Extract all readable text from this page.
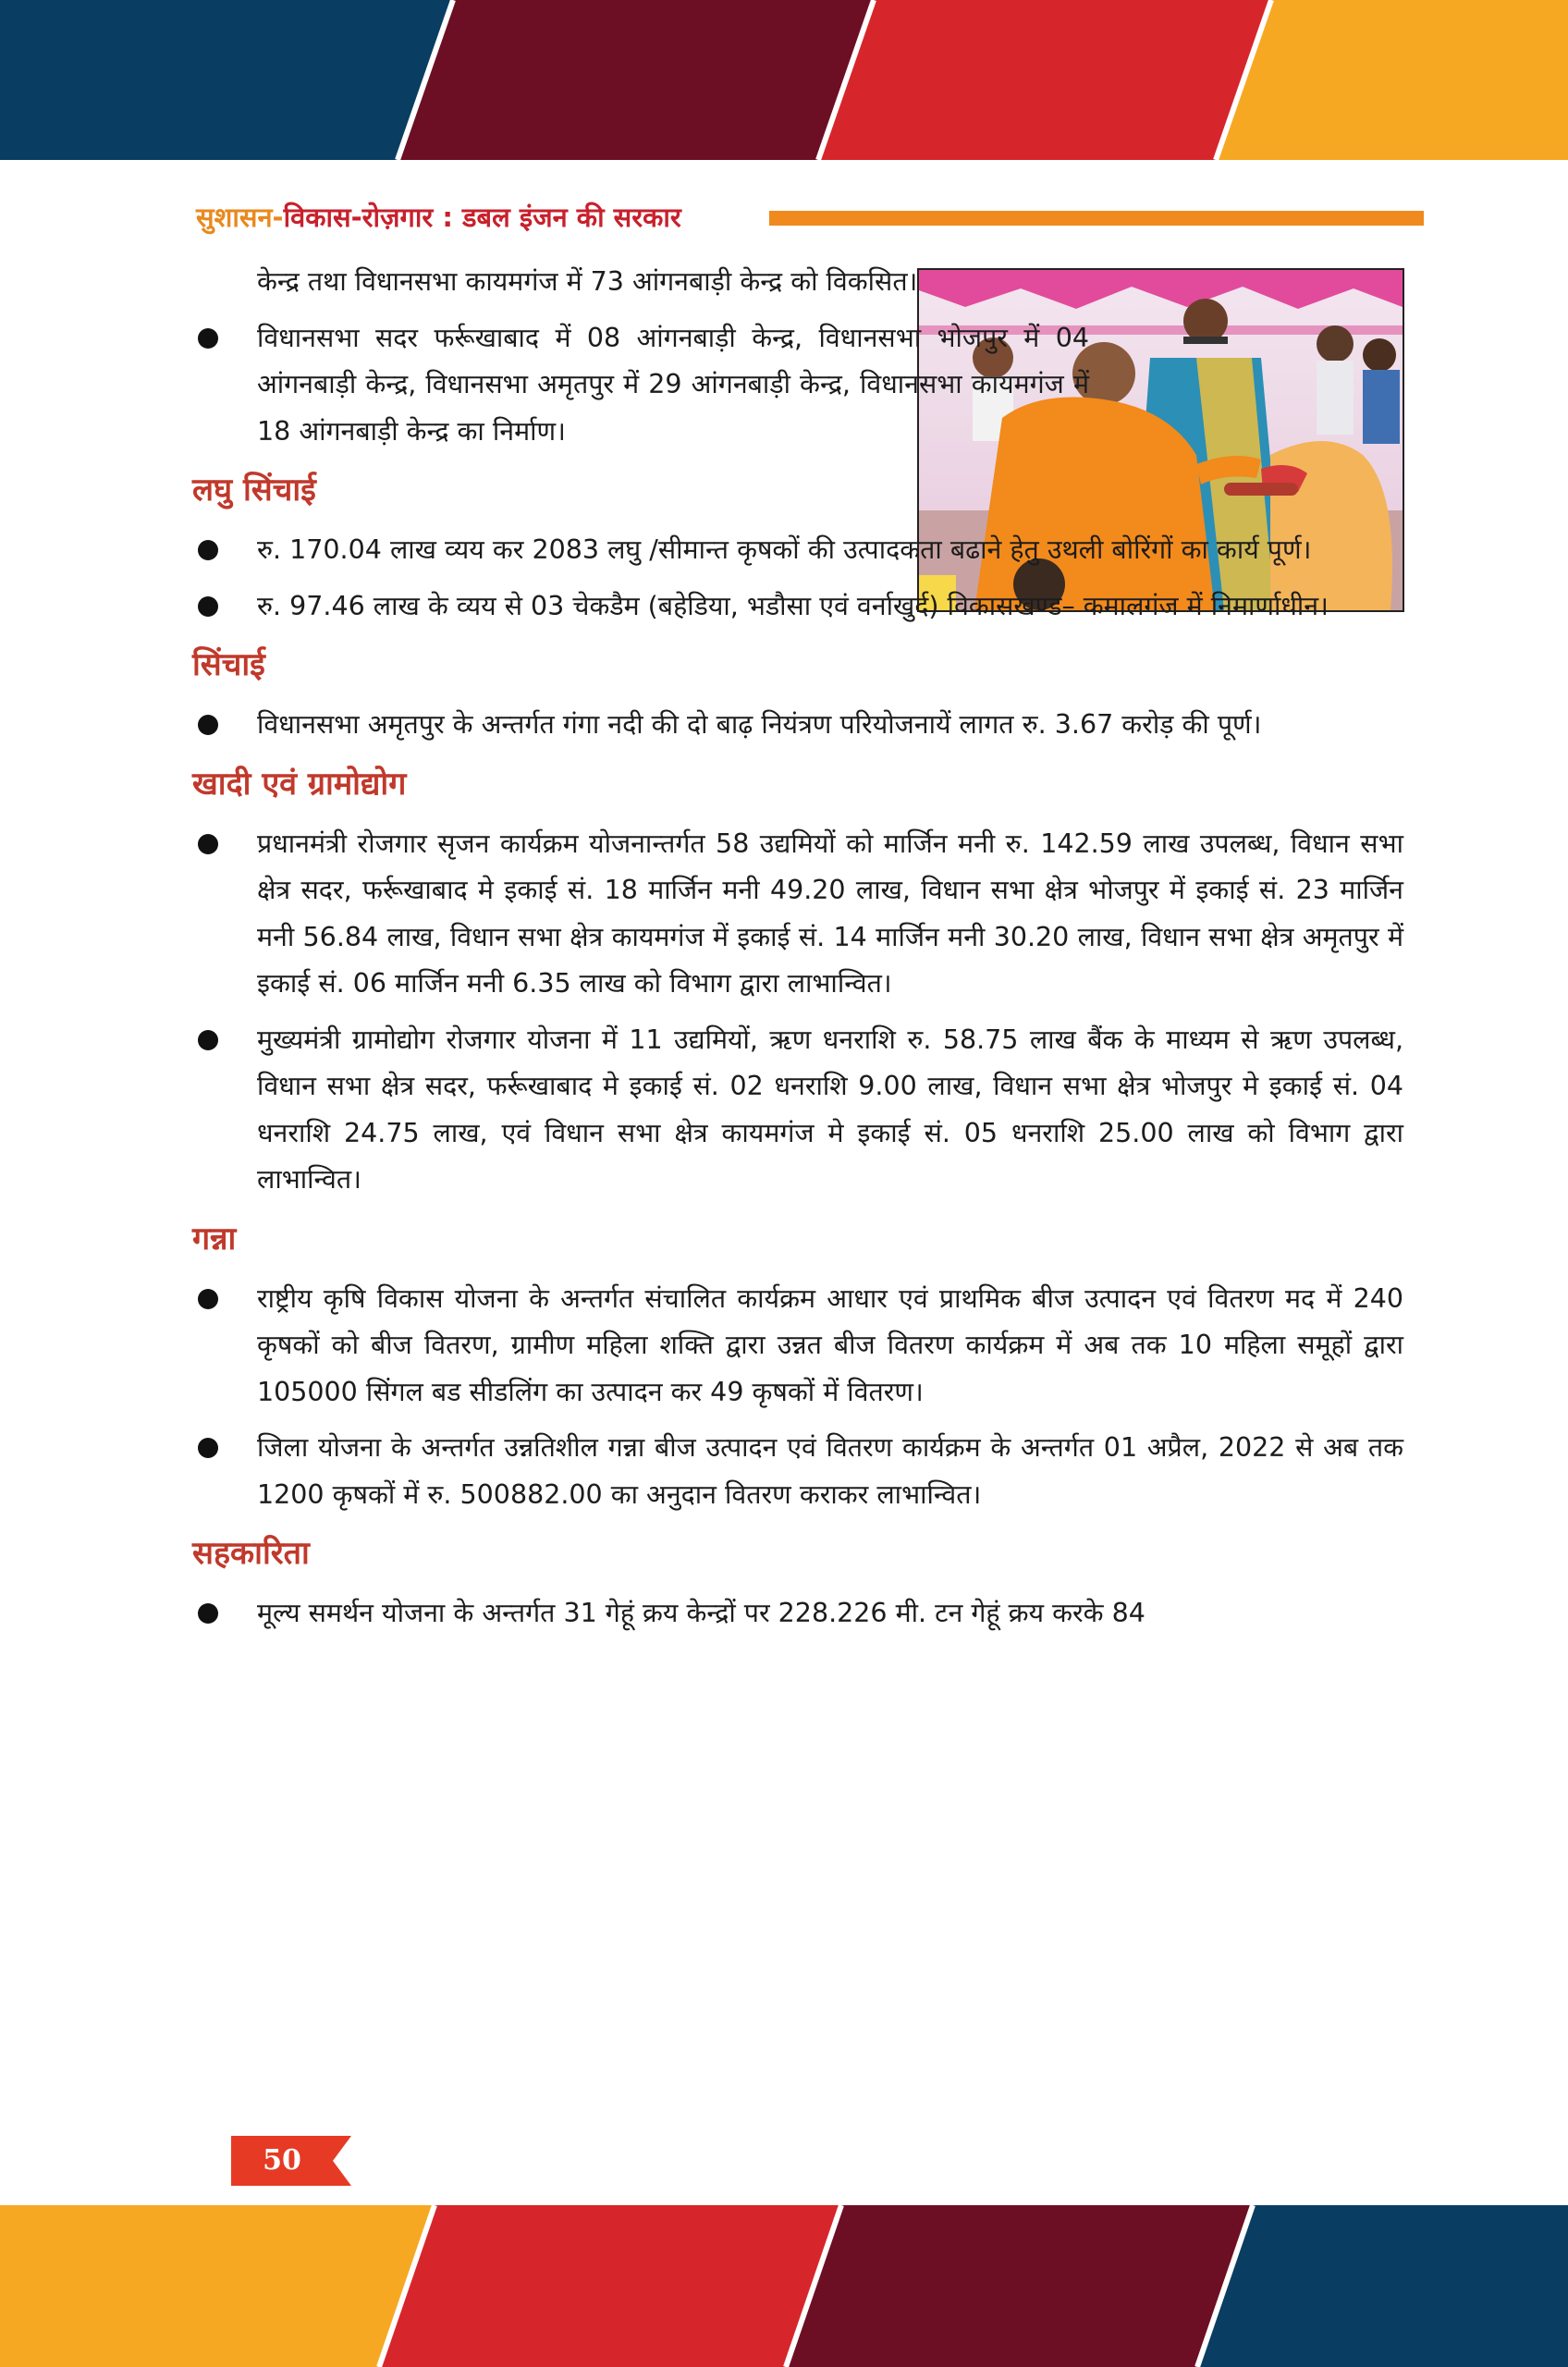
सुशासन-विकास-रोज़गार : डबल इंजन की सरकार

केन्द्र तथा विधानसभा कायमगंज में 73 आंगनबाड़ी केन्द्र को विकसित।

विधानसभा सदर फर्रूखाबाद में 08 आंगनबाड़ी केन्द्र, विधानसभा भोजपुर में 04 आंगनबाड़ी केन्द्र, विधानसभा अमृतपुर में 29 आंगनबाड़ी केन्द्र, विधानसभा कायमगंज में 18 आंगनबाड़ी केन्द्र का निर्माण।
लघु सिंचाई
रु. 170.04 लाख व्यय कर 2083 लघु /सीमान्त कृषकों की उत्पादकता बढाने हेतु उथली बोरिंगों का कार्य पूर्ण।
रु. 97.46 लाख के व्यय से 03 चेकडैम (बहेडिया, भडौसा एवं वर्नाखुर्द) विकासखण्ड– कमालगंज में निमार्णाधीन।
सिंचाई
विधानसभा अमृतपुर के अन्तर्गत गंगा नदी की दो बाढ़ नियंत्रण परियोजनायें लागत रु. 3.67 करोड़ की पूर्ण।
खादी एवं ग्रामोद्योग
प्रधानमंत्री रोजगार सृजन कार्यक्रम योजनान्तर्गत 58 उद्यमियों को मार्जिन मनी रु. 142.59 लाख उपलब्ध, विधान सभा क्षेत्र सदर, फर्रूखाबाद मे इकाई सं. 18 मार्जिन मनी 49.20 लाख, विधान सभा क्षेत्र भोजपुर में इकाई सं. 23 मार्जिन मनी 56.84 लाख, विधान सभा क्षेत्र कायमगंज में इकाई सं. 14 मार्जिन मनी 30.20 लाख, विधान सभा क्षेत्र अमृतपुर में इकाई सं. 06 मार्जिन मनी 6.35 लाख को विभाग द्वारा लाभान्वित।
मुख्यमंत्री ग्रामोद्योग रोजगार योजना में 11 उद्यमियों, ऋण धनराशि रु. 58.75 लाख बैंक के माध्यम से ऋण उपलब्ध, विधान सभा क्षेत्र सदर, फर्रूखाबाद मे इकाई सं. 02 धनराशि 9.00 लाख, विधान सभा क्षेत्र भोजपुर मे इकाई सं. 04 धनराशि 24.75 लाख, एवं विधान सभा क्षेत्र कायमगंज मे इकाई सं. 05 धनराशि 25.00 लाख को विभाग द्वारा लाभान्वित।
गन्ना
राष्ट्रीय कृषि विकास योजना के अन्तर्गत संचालित कार्यक्रम आधार एवं प्राथमिक बीज उत्पादन एवं वितरण मद में 240 कृषकों को बीज वितरण, ग्रामीण महिला शक्ति द्वारा उन्नत बीज वितरण कार्यक्रम में अब तक 10 महिला समूहों द्वारा 105000 सिंगल बड सीडलिंग का उत्पादन कर 49 कृषकों में वितरण।
जिला योजना के अन्तर्गत उन्नतिशील गन्ना बीज उत्पादन एवं वितरण कार्यक्रम के अन्तर्गत 01 अप्रैल, 2022 से अब तक 1200 कृषकों में रु. 500882.00 का अनुदान वितरण कराकर लाभान्वित।
सहकारिता
मूल्य समर्थन योजना के अन्तर्गत 31 गेहूं क्रय केन्द्रों पर 228.226 मी. टन गेहूं क्रय करके 84
50
